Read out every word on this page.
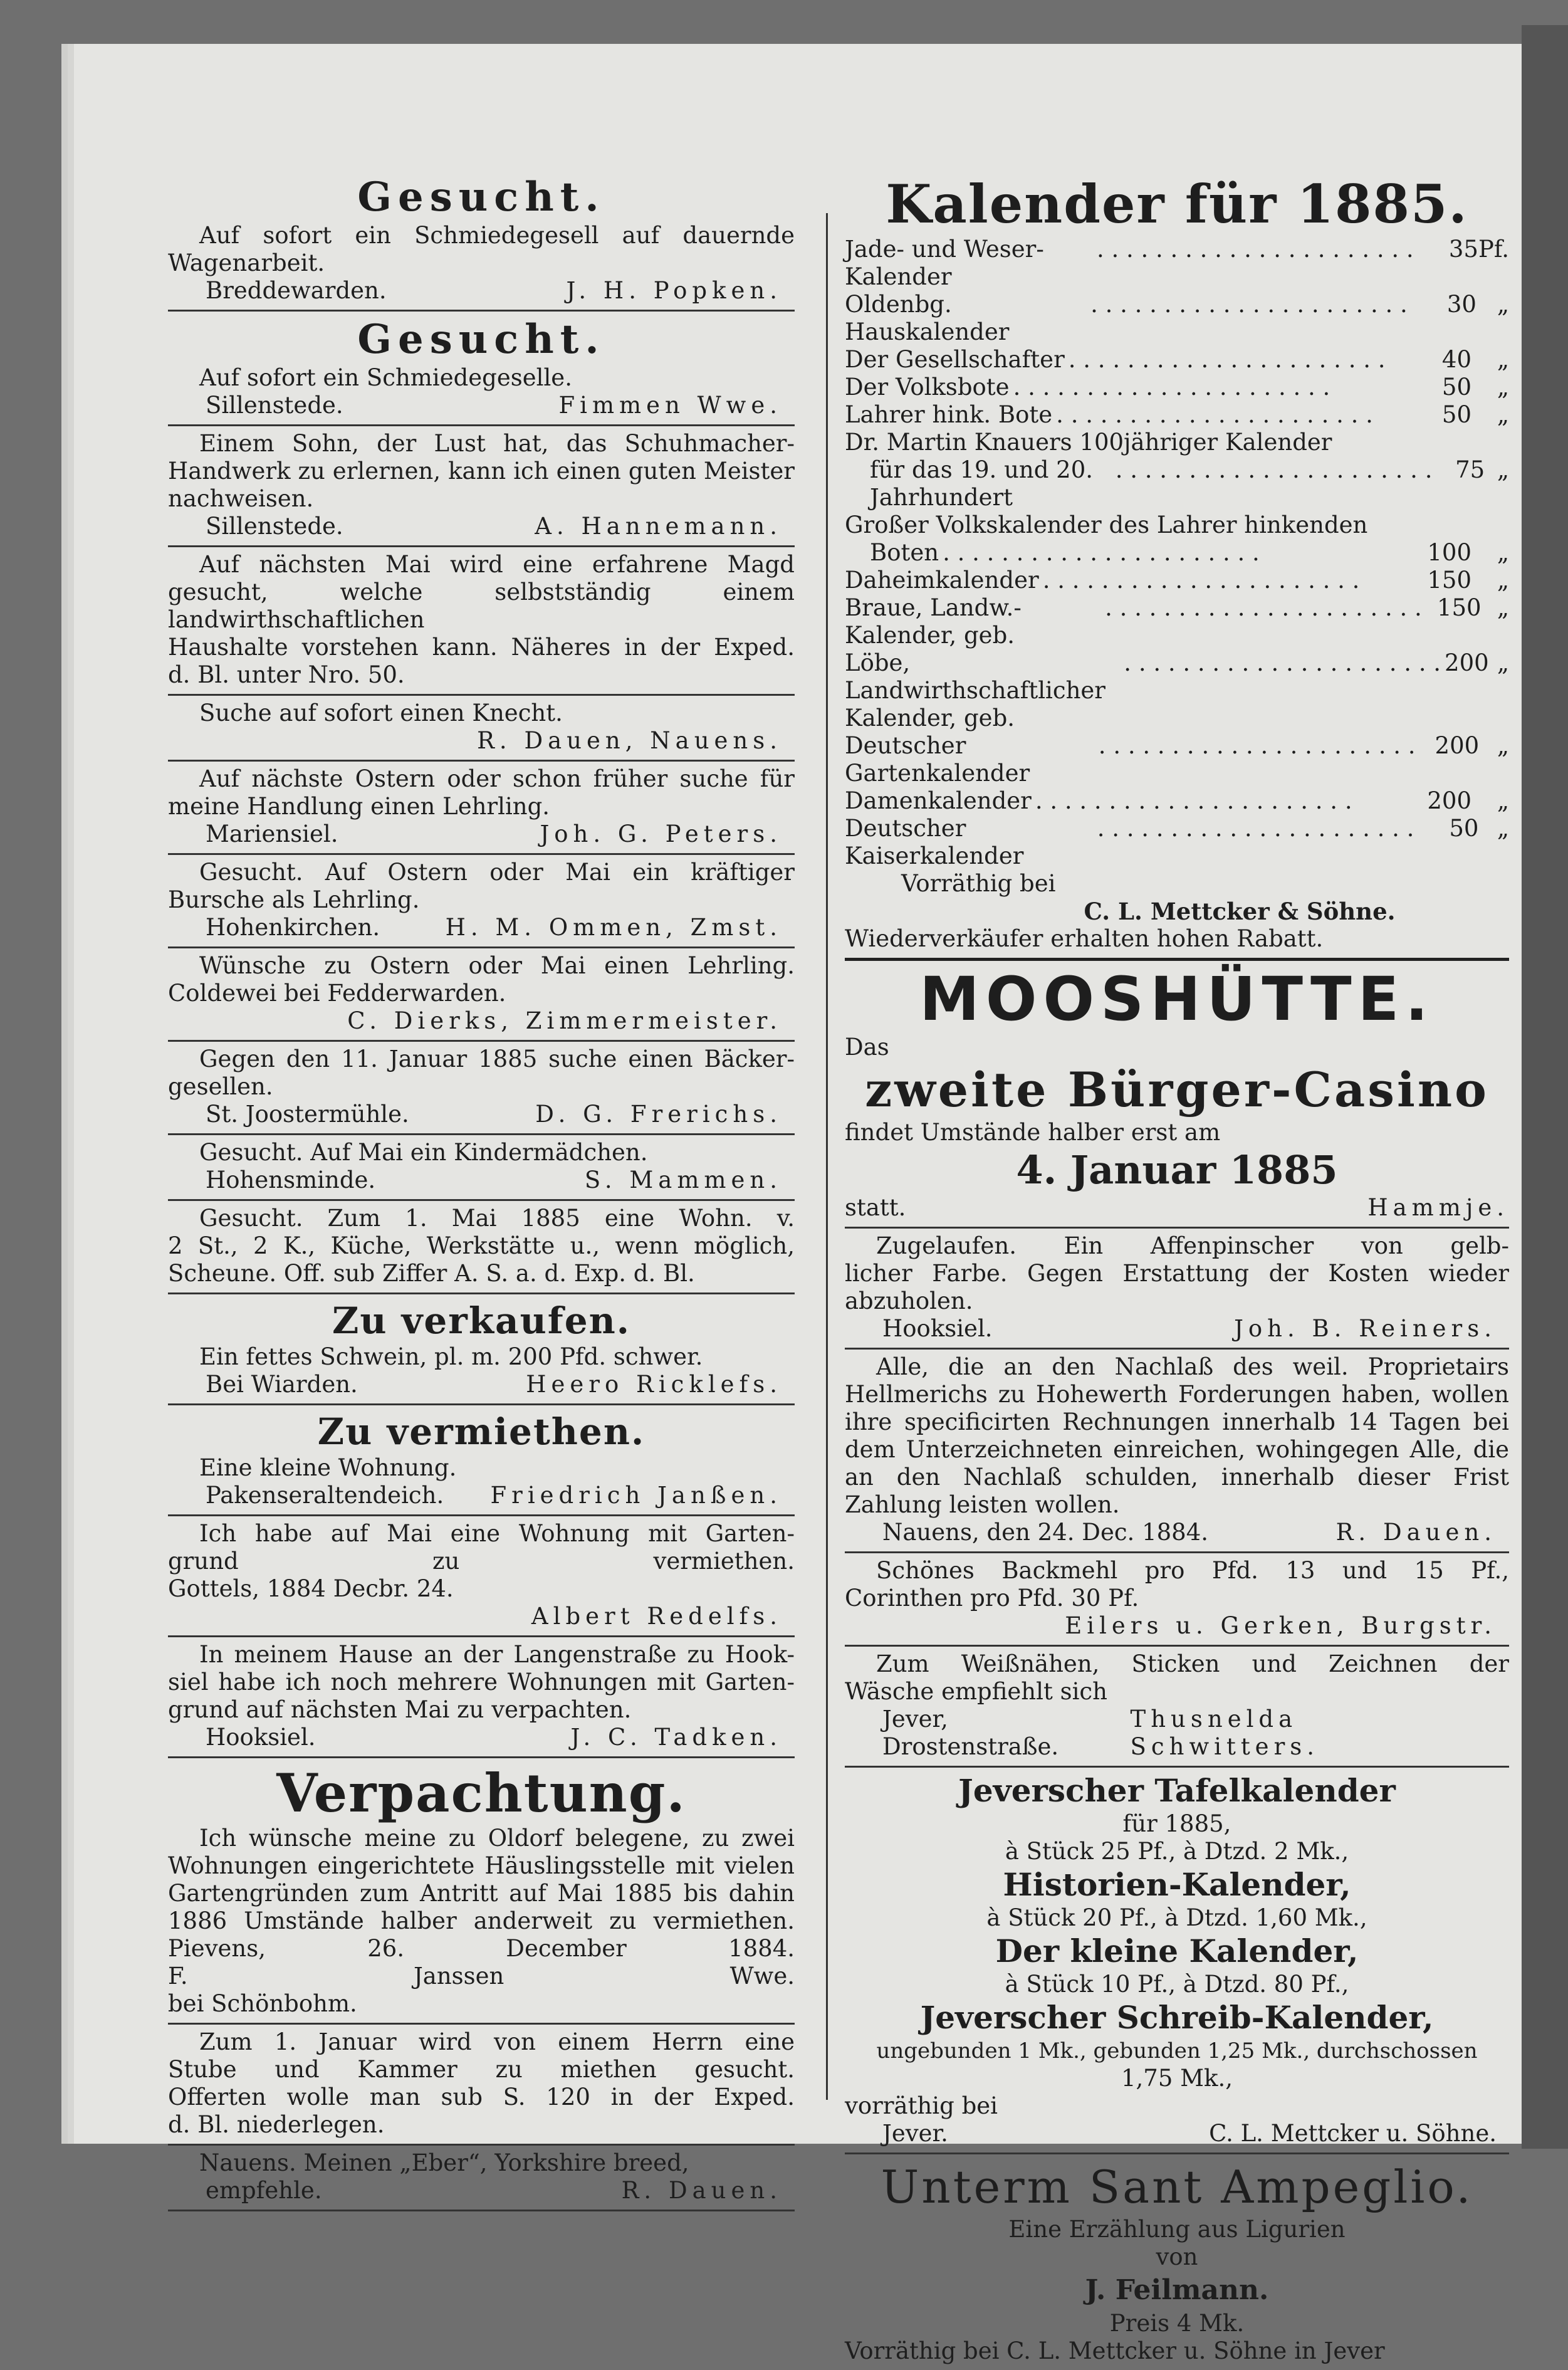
Gesucht.
Auf sofort ein Schmiedegesell auf dauernde
Wagenarbeit.
Breddewarden.	J. H. Popken.
Gesucht.
Auf sofort ein Schmiedegeselle.
Sillenstede.	Fimmen Wwe.
Einem Sohn, der Lust hat, das Schuhmacher-
Handwerk zu erlernen, kann ich einen guten Meister
nachweisen.
Sillenstede.	A. Hannemann.
Auf nächsten Mai wird eine erfahrene Magd
gesucht, welche selbstständig einem landwirthschaftlichen
Haushalte vorstehen kann. Näheres in der Exped.
d. Bl. unter Nro. 50.
Suche auf sofort einen Knecht.
R. Dauen, Nauens.
Auf nächste Ostern oder schon früher suche für
meine Handlung einen Lehrling.
Mariensiel.	Joh. G. Peters.
Gesucht. Auf Ostern oder Mai ein kräftiger
Bursche als Lehrling.
Hohenkirchen.	H. M. Ommen, Zmst.
Wünsche zu Ostern oder Mai einen Lehrling.
Coldewei bei Fedderwarden.
C. Dierks, Zimmermeister.
Gegen den 11. Januar 1885 suche einen Bäcker-
gesellen.
St. Joostermühle.	D. G. Frerichs.
Gesucht. Auf Mai ein Kindermädchen.
Hohensminde.	S. Mammen.
Gesucht. Zum 1. Mai 1885 eine Wohn. v.
2 St., 2 K., Küche, Werkstätte u., wenn möglich,
Scheune. Off. sub Ziffer A. S. a. d. Exp. d. Bl.
Zu verkaufen.
Ein fettes Schwein, pl. m. 200 Pfd. schwer.
Bei Wiarden.	Heero Ricklefs.
Zu vermiethen.
Eine kleine Wohnung.
Pakenseraltendeich. Friedrich Janßen.
Ich habe auf Mai eine Wohnung mit Garten-
grund zu vermiethen.
Gottels, 1884 Decbr. 24.
Albert Redelfs.
In meinem Hause an der Langenstraße zu Hook-
siel habe ich noch mehrere Wohnungen mit Garten-
grund auf nächsten Mai zu verpachten.
Hooksiel.	J. C. Tadken.
Verpachtung.
Ich wünsche meine zu Oldorf belegene, zu zwei
Wohnungen eingerichtete Häuslingsstelle mit vielen
Gartengründen zum Antritt auf Mai 1885 bis dahin
1886 Umstände halber anderweit zu vermiethen.
Pievens, 26. December 1884.
F. Janssen Wwe.
bei Schönbohm.
Zum 1. Januar wird von einem Herrn eine
Stube und Kammer zu miethen gesucht.
Offerten wolle man sub S. 120 in der Exped.
d. Bl. niederlegen.
Nauens. Meinen „Eber“, Yorkshire breed,
empfehle.	R. Dauen.
Kalender für 1885.
Jade- und Weser-Kalender
. . . . . . . . . . . . . . . . . . . . . .	35 Pf.
Oldenbg. Hauskalender
. . . . . . . . . . . . . . . . . . . . . .	30 „
Der Gesellschafter . . . . . . . . . . . . . . . . . . . . . .	40	„
Der Volksbote . . . . . . . . . . . . . . . . . . . . . .	50	„
Lahrer hink. Bote . . . . . . . . . . . . . . . . . . . . . .	50	„
Dr. Martin Knauers 100jähriger Kalender
für das 19. und 20. Jahrhundert
. . . . . . . . . . . . . . . . . . . . . . 75 „
Großer Volkskalender des Lahrer hinkenden
Boten . . . . . . . . . . . . . . . . . . . . . .	100	„
Daheimkalender . . . . . . . . . . . . . . . . . . . . . .	150	„
Braue, Landw.-Kalender, geb.
. . . . . . . . . . . . . . . . . . . . . . 150 „
Löbe, Landwirthschaftlicher Kalender, geb.
. . . . . . . . . . . . . . . . . . . . . . 200 „
Deutscher Gartenkalender
. . . . . . . . . . . . . . . . . . . . . . 200 „
Damenkalender . . . . . . . . . . . . . . . . . . . . . .	200	„
Deutscher Kaiserkalender
. . . . . . . . . . . . . . . . . . . . . .	50 „
Vorräthig bei
C. L. Mettcker & Söhne.
Wiederverkäufer erhalten hohen Rabatt.
MOOSHÜTTE.
Das
zweite Bürger-Casino
findet Umstände halber erst am
4. Januar 1885
statt.	Hammje.
Zugelaufen. Ein Affenpinscher von gelb-
licher Farbe. Gegen Erstattung der Kosten wieder
abzuholen.
Hooksiel.	Joh. B. Reiners.
Alle, die an den Nachlaß des weil. Proprietairs
Hellmerichs zu Hohewerth Forderungen haben, wollen
ihre specificirten Rechnungen innerhalb 14 Tagen bei
dem Unterzeichneten einreichen, wohingegen Alle, die
an den Nachlaß schulden, innerhalb dieser Frist
Zahlung leisten wollen.
Nauens, den 24. Dec. 1884.	R. Dauen.
Schönes Backmehl pro Pfd. 13 und 15 Pf.,
Corinthen pro Pfd. 30 Pf.
Eilers u. Gerken, Burgstr.
Zum Weißnähen, Sticken und Zeichnen der
Wäsche empfiehlt sich
Jever, Drostenstraße.
Thusnelda Schwitters.
Jeverscher Tafelkalender
für 1885,
à Stück 25 Pf., à Dtzd. 2 Mk.,
Historien-Kalender,
à Stück 20 Pf., à Dtzd. 1,60 Mk.,
Der kleine Kalender,
à Stück 10 Pf., à Dtzd. 80 Pf.,
Jeverscher Schreib-Kalender,
ungebunden 1 Mk., gebunden 1,25 Mk., durchschossen
1,75 Mk.,
vorräthig bei
Jever.	C. L. Mettcker u. Söhne.
Unterm Sant Ampeglio.
Eine Erzählung aus Ligurien
von
J. Feilmann.
Preis 4 Mk.
Vorräthig bei C. L. Mettcker u. Söhne in Jever
